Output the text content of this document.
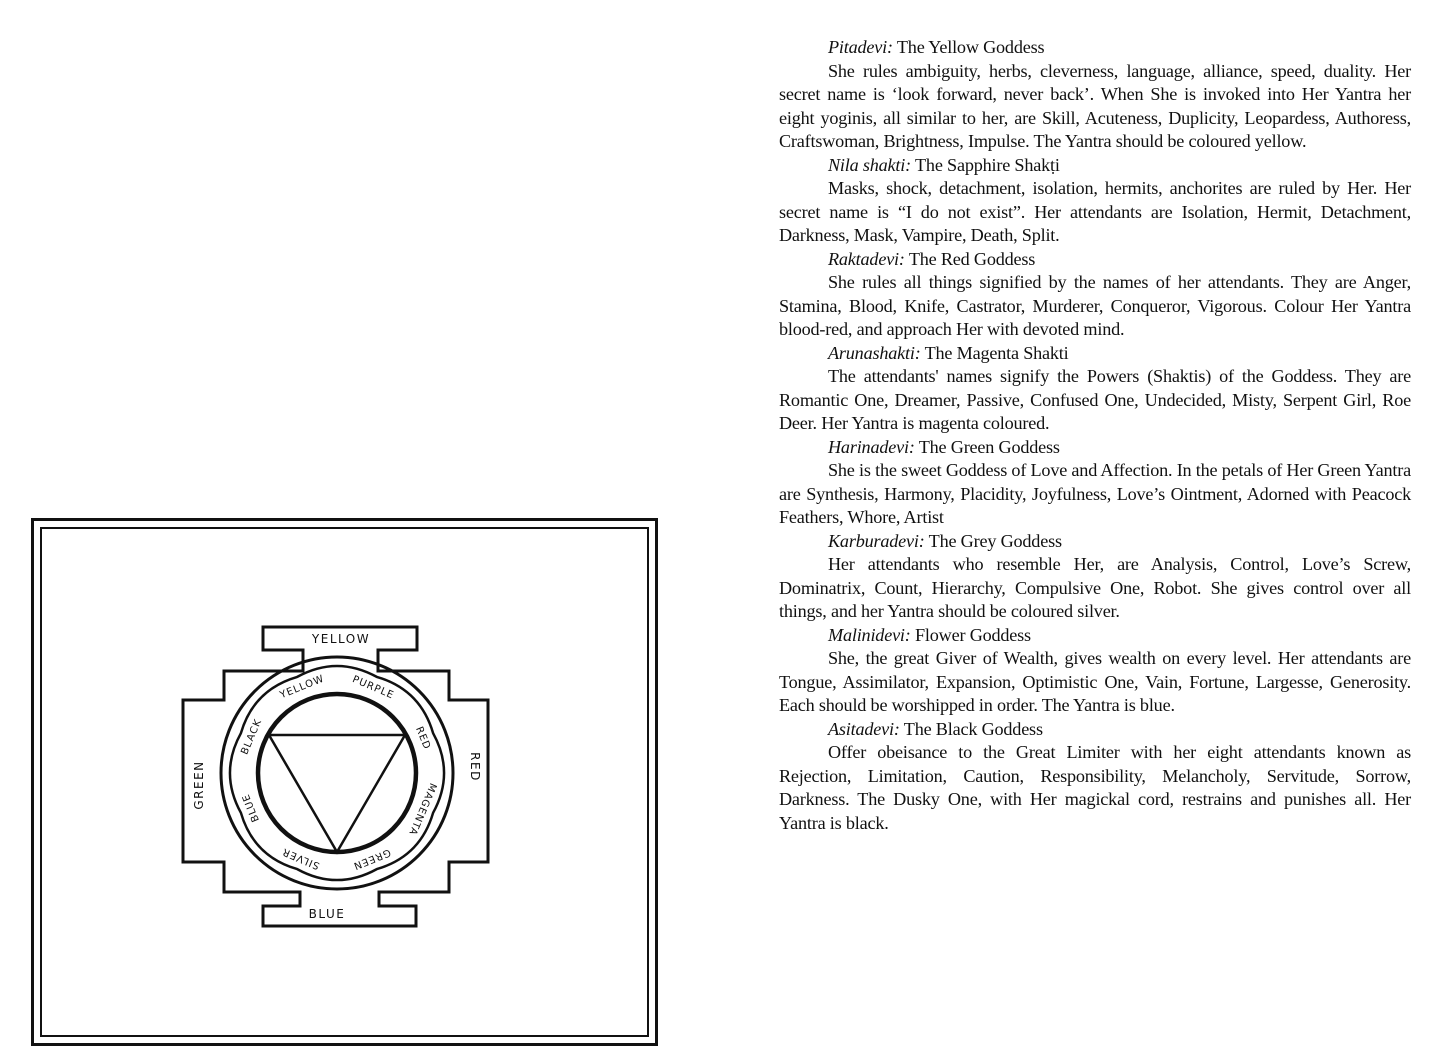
YELLOW
BLUE
RED
GREEN
YELLOW PURPLE
RED
MAGENTA
GREEN
SILVER
BLUE
BLACK

Pitadevi: The Yellow Goddess

She rules ambiguity, herbs, cleverness, language, alliance, speed, duality. Her secret name is ‘look forward, never back’. When She is invoked into Her Yantra her eight yoginis, all similar to her, are Skill, Acuteness, Duplicity, Leopardess, Authoress, Craftswoman, Brightness, Impulse. The Yantra should be coloured yellow.

Nila shakti: The Sapphire Shakṭi

Masks, shock, detachment, isolation, hermits, anchorites are ruled by Her. Her secret name is “I do not exist”. Her attendants are Isolation, Hermit, Detachment, Darkness, Mask, Vampire, Death, Split.

Raktadevi: The Red Goddess

She rules all things signified by the names of her attendants. They are Anger, Stamina, Blood, Knife, Castrator, Murderer, Conqueror, Vigorous. Colour Her Yantra blood-red, and approach Her with devoted mind.

Arunashakti: The Magenta Shakti

The attendants' names signify the Powers (Shaktis) of the Goddess. They are Romantic One, Dreamer, Passive, Confused One, Undecided, Misty, Serpent Girl, Roe Deer. Her Yantra is magenta coloured.

Harinadevi: The Green Goddess

She is the sweet Goddess of Love and Affection. In the petals of Her Green Yantra are Synthesis, Harmony, Placidity, Joyfulness, Love’s Ointment, Adorned with Peacock Feathers, Whore, Artist

Karburadevi: The Grey Goddess

Her attendants who resemble Her, are Analysis, Control, Love’s Screw, Dominatrix, Count, Hierarchy, Compulsive One, Robot. She gives control over all things, and her Yantra should be coloured silver.

Malinidevi: Flower Goddess

She, the great Giver of Wealth, gives wealth on every level. Her attendants are Tongue, Assimilator, Expansion, Optimistic One, Vain, Fortune, Largesse, Generosity. Each should be worshipped in order. The Yantra is blue.

Asitadevi: The Black Goddess

Offer obeisance to the Great Limiter with her eight attendants known as Rejection, Limitation, Caution, Responsibility, Melancholy, Servitude, Sorrow, Darkness. The Dusky One, with Her magickal cord, restrains and punishes all. Her Yantra is black.
